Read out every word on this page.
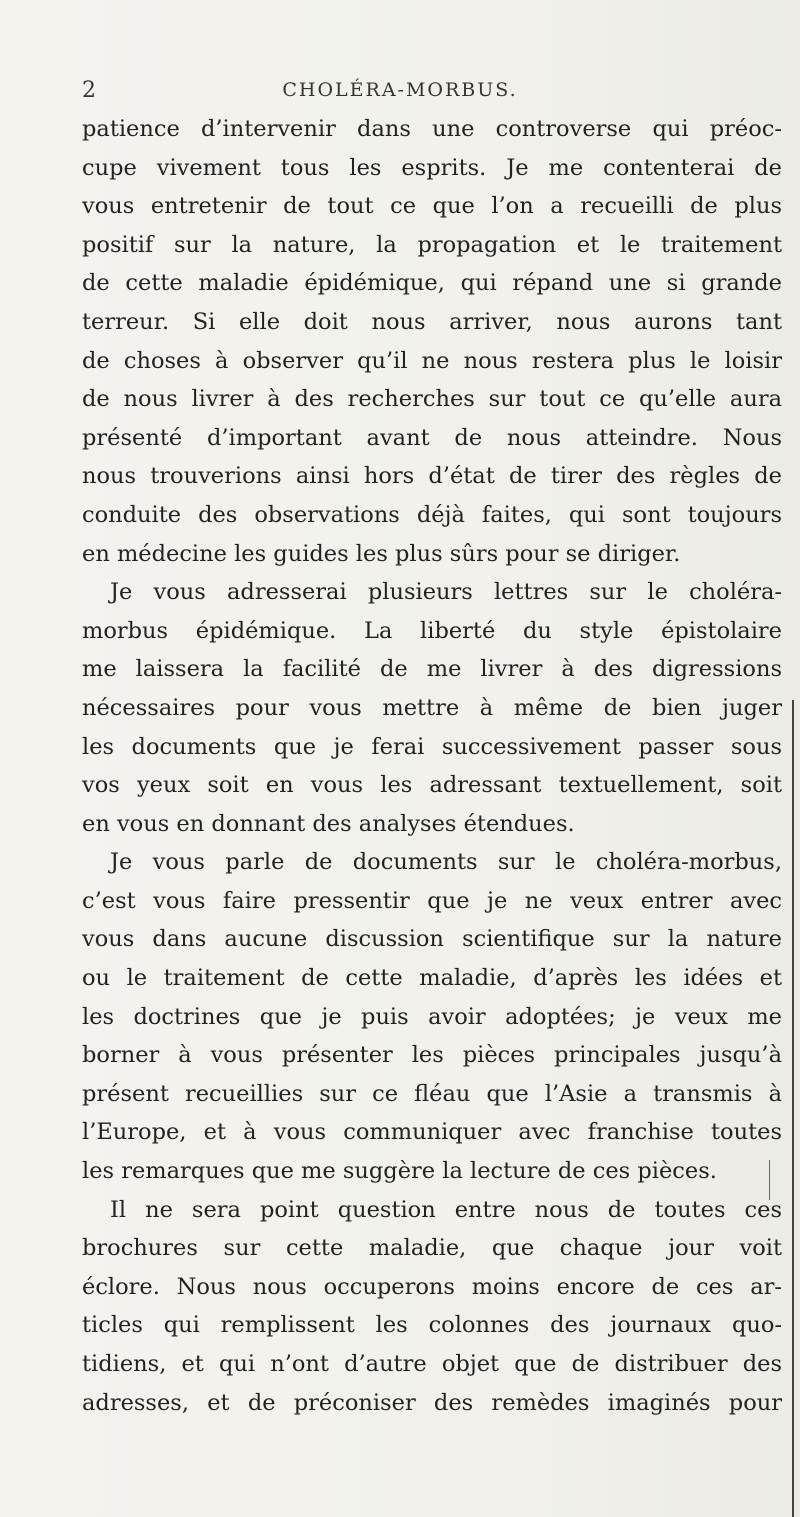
2	CHOLÉRA-MORBUS.
patience d’intervenir dans une controverse qui préoc-
cupe vivement tous les esprits. Je me contenterai de
vous entretenir de tout ce que l’on a recueilli de plus
positif sur la nature, la propagation et le traitement
de cette maladie épidémique, qui répand une si grande
terreur. Si elle doit nous arriver, nous aurons tant
de choses à observer qu’il ne nous restera plus le loisir
de nous livrer à des recherches sur tout ce qu’elle aura
présenté d’important avant de nous atteindre. Nous
nous trouverions ainsi hors d’état de tirer des règles de
conduite des observations déjà faites, qui sont toujours
en médecine les guides les plus sûrs pour se diriger.
Je vous adresserai plusieurs lettres sur le choléra-
morbus épidémique. La liberté du style épistolaire
me laissera la facilité de me livrer à des digressions
nécessaires pour vous mettre à même de bien juger
les documents que je ferai successivement passer sous
vos yeux soit en vous les adressant textuellement, soit
en vous en donnant des analyses étendues.
Je vous parle de documents sur le choléra-morbus,
c’est vous faire pressentir que je ne veux entrer avec
vous dans aucune discussion scientifique sur la nature
ou le traitement de cette maladie, d’après les idées et
les doctrines que je puis avoir adoptées; je veux me
borner à vous présenter les pièces principales jusqu’à
présent recueillies sur ce fléau que l’Asie a transmis à
l’Europe, et à vous communiquer avec franchise toutes
les remarques que me suggère la lecture de ces pièces.
Il ne sera point question entre nous de toutes ces
brochures sur cette maladie, que chaque jour voit
éclore. Nous nous occuperons moins encore de ces ar-
ticles qui remplissent les colonnes des journaux quo-
tidiens, et qui n’ont d’autre objet que de distribuer des
adresses, et de préconiser des remèdes imaginés pour
